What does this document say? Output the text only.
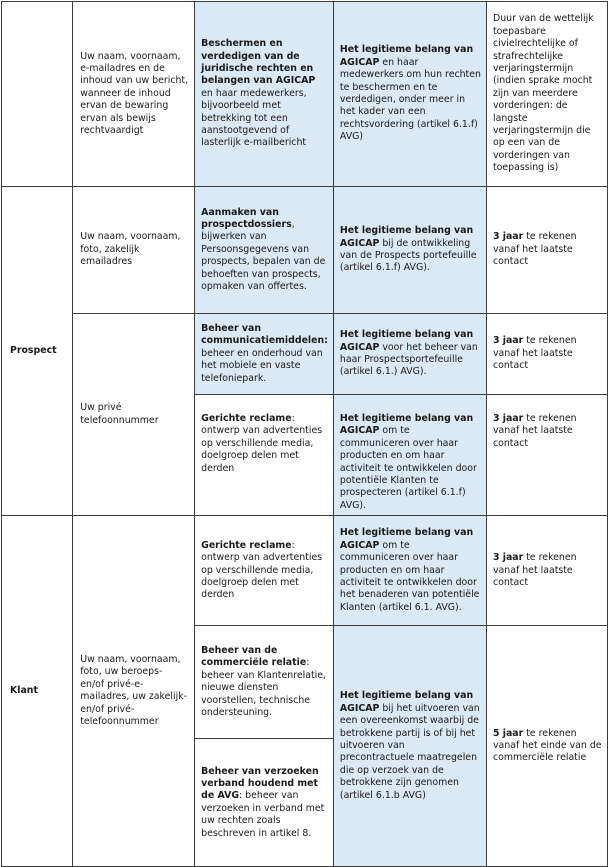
	Uw naam, voornaam, e-mailadres en de inhoud van uw bericht, wanneer de inhoud ervan de bewaring ervan als bewijs rechtvaardigt	Beschermen en verdedigen van de juridische rechten en belangen van AGICAP en haar medewerkers, bijvoorbeeld met betrekking tot een aanstootgevend of lasterlijk e-mailbericht	Het legitieme belang van AGICAP en haar medewerkers om hun rechten te beschermen en te verdedigen, onder meer in het kader van een rechtsvordering (artikel 6.1.f) AVG)	Duur van de wettelijk toepasbare civielrechtelijke of strafrechtelijke verjaringstermijn (indien sprake mocht zijn van meerdere vorderingen: de langste verjaringstermijn die op een van de vorderingen van toepassing is)
Prospect	Uw naam, voornaam, foto, zakelijk emailadres	Aanmaken van prospectdossiers, bijwerken van Persoonsgegevens van prospects, bepalen van de behoeften van prospects, opmaken van offertes.	Het legitieme belang van AGICAP bij de ontwikkeling van de Prospects portefeuille (artikel 6.1.f) AVG).	3 jaar te rekenen vanaf het laatste contact
	Uw privé telefoonnummer	Beheer van communicatiemiddelen: beheer en onderhoud van het mobiele en vaste telefoniepark.	Het legitieme belang van AGICAP voor het beheer van haar Prospectsportefeuille (artikel 6.1.) AVG).	3 jaar te rekenen vanaf het laatste contact
		Gerichte reclame: ontwerp van advertenties op verschillende media, doelgroep delen met derden	Het legitieme belang van AGICAP om te communiceren over haar producten en om haar activiteit te ontwikkelen door potentiële Klanten te prospecteren (artikel 6.1.f) AVG).	3 jaar te rekenen vanaf het laatste contact
Klant	Uw naam, voornaam, foto, uw beroeps- en/of privé-e-mailadres, uw zakelijk- en/of privé-telefoonnummer	Gerichte reclame: ontwerp van advertenties op verschillende media, doelgroep delen met derden	Het legitieme belang van AGICAP om te communiceren over haar producten en om haar activiteit te ontwikkelen door het benaderen van potentiële Klanten (artikel 6.1. AVG).	3 jaar te rekenen vanaf het laatste contact
		Beheer van de commerciële relatie: beheer van Klantenrelatie, nieuwe diensten voorstellen, technische ondersteuning.	Het legitieme belang van AGICAP bij het uitvoeren van een overeenkomst waarbij de betrokkene partij is of bij het uitvoeren van precontractuele maatregelen die op verzoek van de betrokkene zijn genomen (artikel 6.1.b AVG)	5 jaar te rekenen vanaf het einde van de commerciële relatie
		Beheer van verzoeken verband houdend met de AVG: beheer van verzoeken in verband met uw rechten zoals beschreven in artikel 8.		
